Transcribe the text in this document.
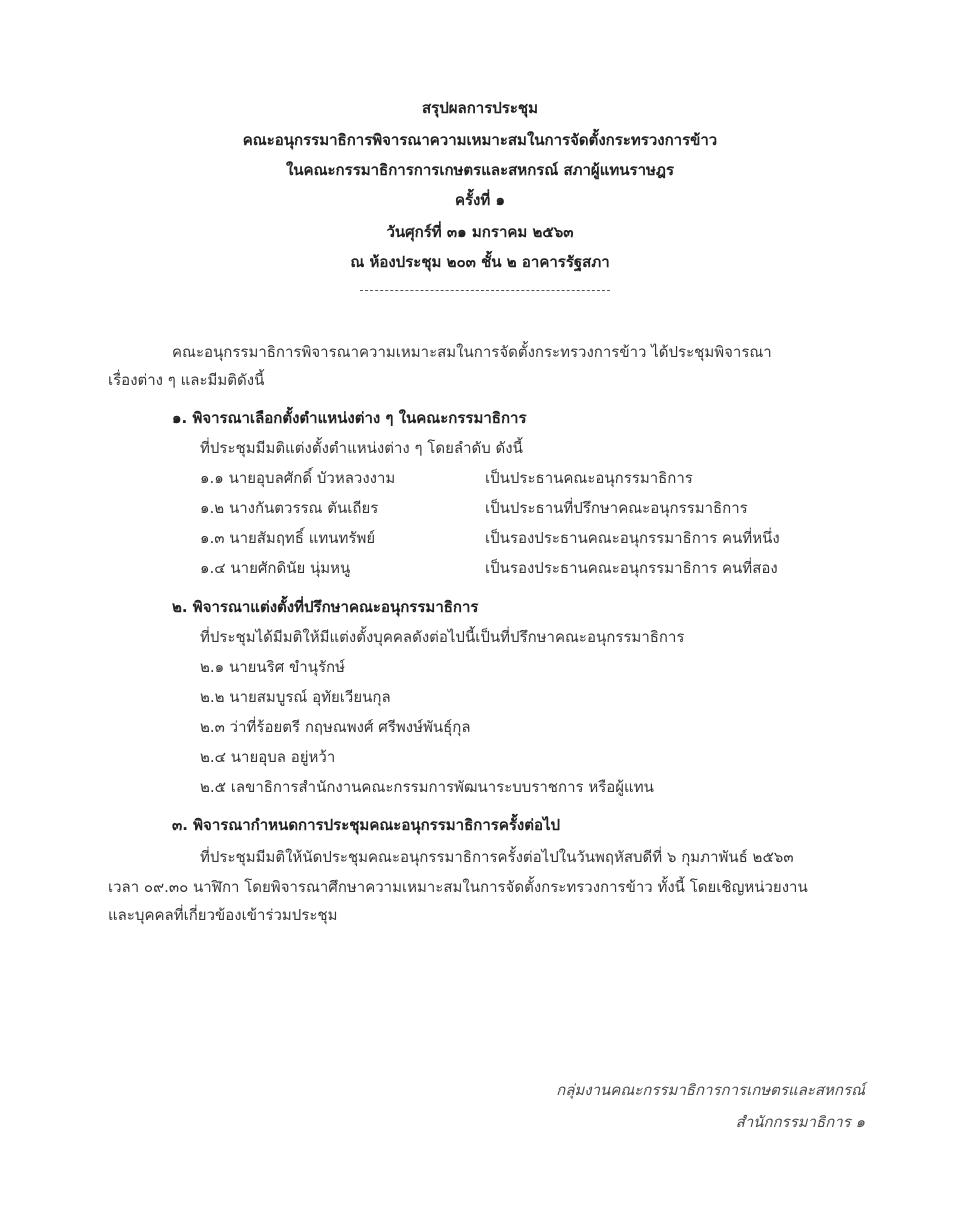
สรุปผลการประชุม
คณะอนุกรรมาธิการพิจารณาความเหมาะสมในการจัดตั้งกระทรวงการข้าว
ในคณะกรรมาธิการการเกษตรและสหกรณ์ สภาผู้แทนราษฎร
ครั้งที่ ๑
วันศุกร์ที่ ๓๑ มกราคม ๒๕๖๓
ณ ห้องประชุม ๒๐๓ ชั้น ๒ อาคารรัฐสภา
คณะอนุกรรมาธิการพิจารณาความเหมาะสมในการจัดตั้งกระทรวงการข้าว ได้ประชุมพิจารณา
เรื่องต่าง ๆ และมีมติดังนี้
๑. พิจารณาเลือกตั้งตำแหน่งต่าง ๆ ในคณะกรรมาธิการ
ที่ประชุมมีมติแต่งตั้งตำแหน่งต่าง ๆ โดยลำดับ ดังนี้
๑.๑ นายอุบลศักดิ์ บัวหลวงงาม	เป็นประธานคณะอนุกรรมาธิการ
๑.๒ นางกันตวรรณ ตันเถียร	เป็นประธานที่ปรึกษาคณะอนุกรรมาธิการ
๑.๓ นายสัมฤทธิ์ แทนทรัพย์	เป็นรองประธานคณะอนุกรรมาธิการ คนที่หนึ่ง
๑.๔ นายศักดินัย นุ่มหนู	เป็นรองประธานคณะอนุกรรมาธิการ คนที่สอง
๒. พิจารณาแต่งตั้งที่ปรึกษาคณะอนุกรรมาธิการ
ที่ประชุมได้มีมติให้มีแต่งตั้งบุคคลดังต่อไปนี้เป็นที่ปรึกษาคณะอนุกรรมาธิการ
๒.๑ นายนริศ ขำนุรักษ์
๒.๒ นายสมบูรณ์ อุทัยเวียนกุล
๒.๓ ว่าที่ร้อยตรี กฤษณพงศ์ ศรีพงษ์พันธุ์กุล
๒.๔ นายอุบล อยู่หว้า
๒.๕ เลขาธิการสำนักงานคณะกรรมการพัฒนาระบบราชการ หรือผู้แทน
๓. พิจารณากำหนดการประชุมคณะอนุกรรมาธิการครั้งต่อไป
ที่ประชุมมีมติให้นัดประชุมคณะอนุกรรมาธิการครั้งต่อไปในวันพฤหัสบดีที่ ๖ กุมภาพันธ์ ๒๕๖๓
เวลา ๐๙.๓๐ นาฬิกา โดยพิจารณาศึกษาความเหมาะสมในการจัดตั้งกระทรวงการข้าว ทั้งนี้ โดยเชิญหน่วยงาน
และบุคคลที่เกี่ยวข้องเข้าร่วมประชุม
กลุ่มงานคณะกรรมาธิการการเกษตรและสหกรณ์
สำนักกรรมาธิการ ๑
